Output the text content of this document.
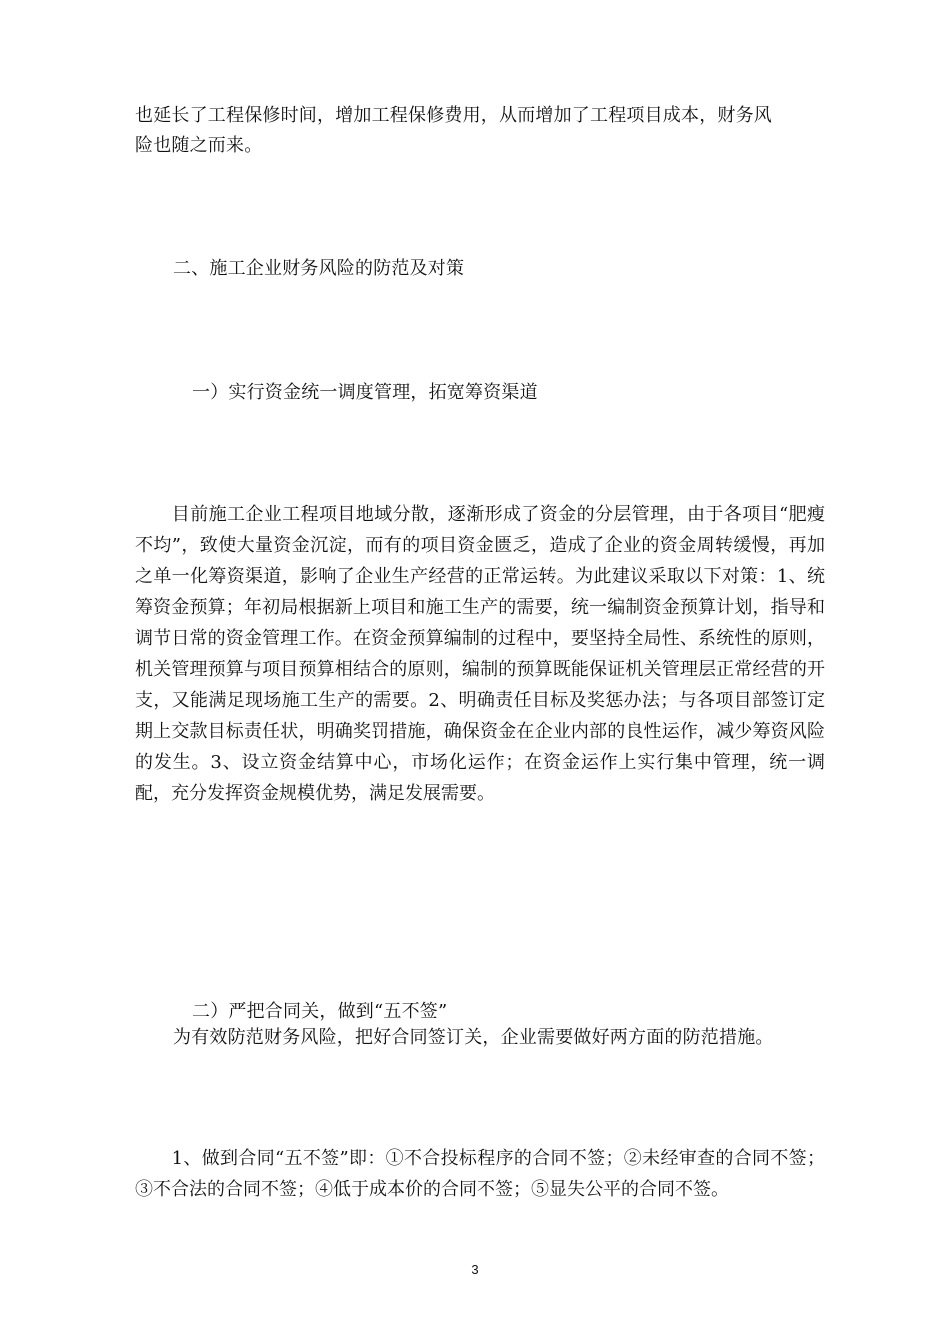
也延长了工程保修时间，增加工程保修费用，从而增加了工程项目成本，财务风
险也随之而来。
二、施工企业财务风险的防范及对策
一）实行资金统一调度管理，拓宽筹资渠道
　　目前施工企业工程项目地域分散，逐渐形成了资金的分层管理，由于各项目“肥瘦不均”，致使大量资金沉淀，而有的项目资金匮乏，造成了企业的资金周转缓慢，再加之单一化筹资渠道，影响了企业生产经营的正常运转。为此建议采取以下对策：1、统筹资金预算；年初局根据新上项目和施工生产的需要，统一编制资金预算计划，指导和调节日常的资金管理工作。在资金预算编制的过程中，要坚持全局性、系统性的原则，机关管理预算与项目预算相结合的原则，编制的预算既能保证机关管理层正常经营的开支，又能满足现场施工生产的需要。2、明确责任目标及奖惩办法；与各项目部签订定期上交款目标责任状，明确奖罚措施，确保资金在企业内部的良性运作，减少筹资风险的发生。3、设立资金结算中心，市场化运作；在资金运作上实行集中管理，统一调配，充分发挥资金规模优势，满足发展需要。
二）严把合同关，做到“五不签”
为有效防范财务风险，把好合同签订关，企业需要做好两方面的防范措施。
　　1、做到合同“五不签”即：①不合投标程序的合同不签；②未经审查的合同不签；③不合法的合同不签；④低于成本价的合同不签；⑤显失公平的合同不签。
3
